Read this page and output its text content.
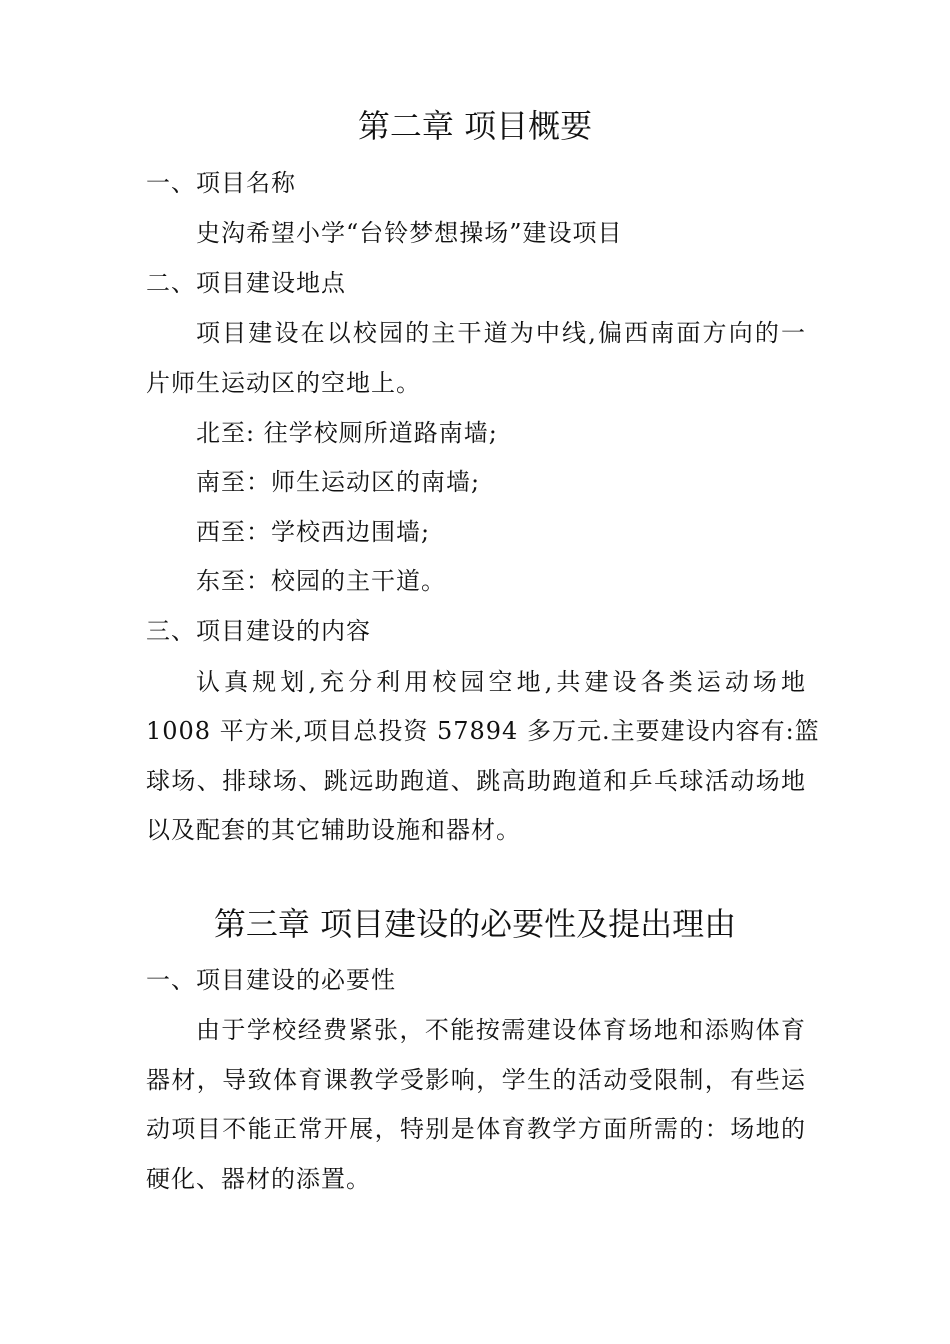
第二章 项目概要
一、项目名称
史沟希望小学“台铃梦想操场”建设项目
二、项目建设地点
项目建设在以校园的主干道为中线,偏西南面方向的一
片师生运动区的空地上。
北至: 往学校厕所道路南墙;
南至：师生运动区的南墙;
西至：学校西边围墙;
东至：校园的主干道。
三、项目建设的内容
认真规划,充分利用校园空地,共建设各类运动场地
1008 平方米,项目总投资 57894 多万元.主要建设内容有:篮
球场、排球场、跳远助跑道、跳高助跑道和乒乓球活动场地
以及配套的其它辅助设施和器材。
第三章 项目建设的必要性及提出理由
一、项目建设的必要性
由于学校经费紧张，不能按需建设体育场地和添购体育
器材，导致体育课教学受影响，学生的活动受限制，有些运
动项目不能正常开展，特别是体育教学方面所需的：场地的
硬化、器材的添置。
